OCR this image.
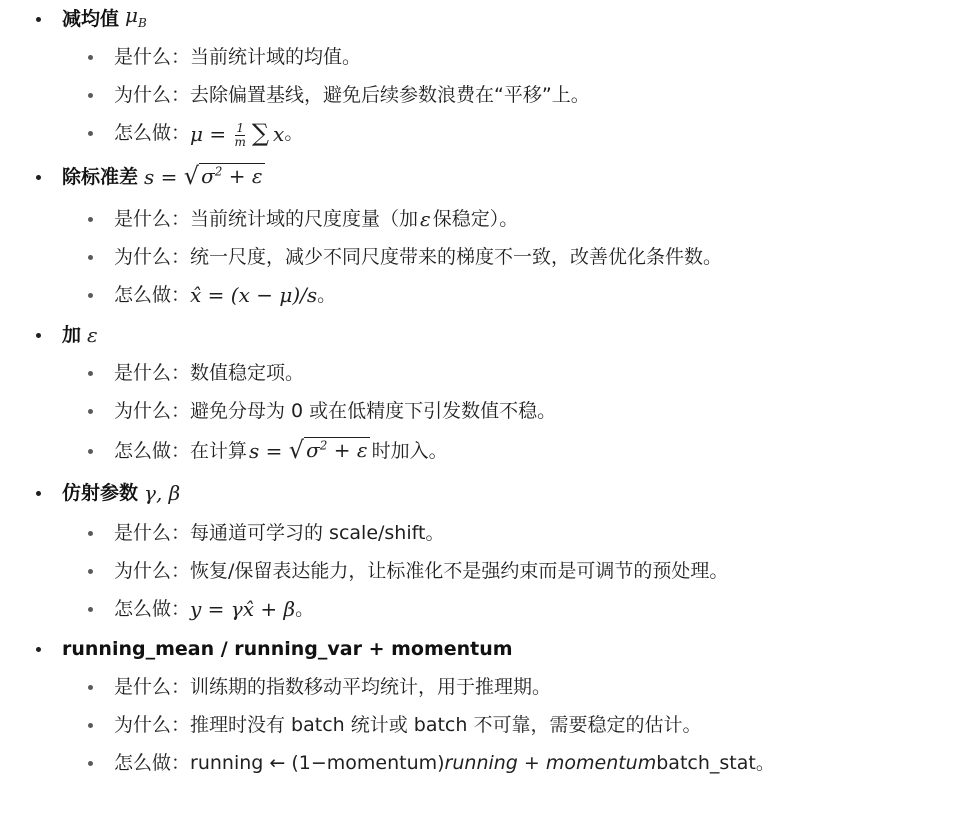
减均值 $\mu_B$
是什么： 当前统计域的均值。
为什么： 去除偏置基线，避免后续参数浪费在“平移”上。
怎么做： $\mu = \frac{1}{m}$ ∑ x 。
除标准差 s = √ $\sigma^2 + \varepsilon$
是什么： 当前统计域的尺度度量（加 ε 保稳定）。
为什么： 统一尺度，减少不同尺度带来的梯度不一致，改善优化条件数。
怎么做： x̂ = (x − μ)/s 。
加 ε
是什么： 数值稳定项。
为什么： 避免分母为 0 或在低精度下引发数值不稳。
怎么做： 在计算 s = √ $\sigma^2 + \varepsilon$ 时加入。
仿射参数 γ, β
是什么： 每通道可学习的 scale/shift。
为什么： 恢复/保留表达能力，让标准化不是强约束而是可调节的预处理。
怎么做： y = γx̂ + β 。
running_mean / running_var + momentum
是什么： 训练期的指数移动平均统计，用于推理期。
为什么： 推理时没有 batch 统计或 batch 不可靠，需要稳定的估计。
怎么做： running ← (1−momentum) running + momentum batch_stat。
